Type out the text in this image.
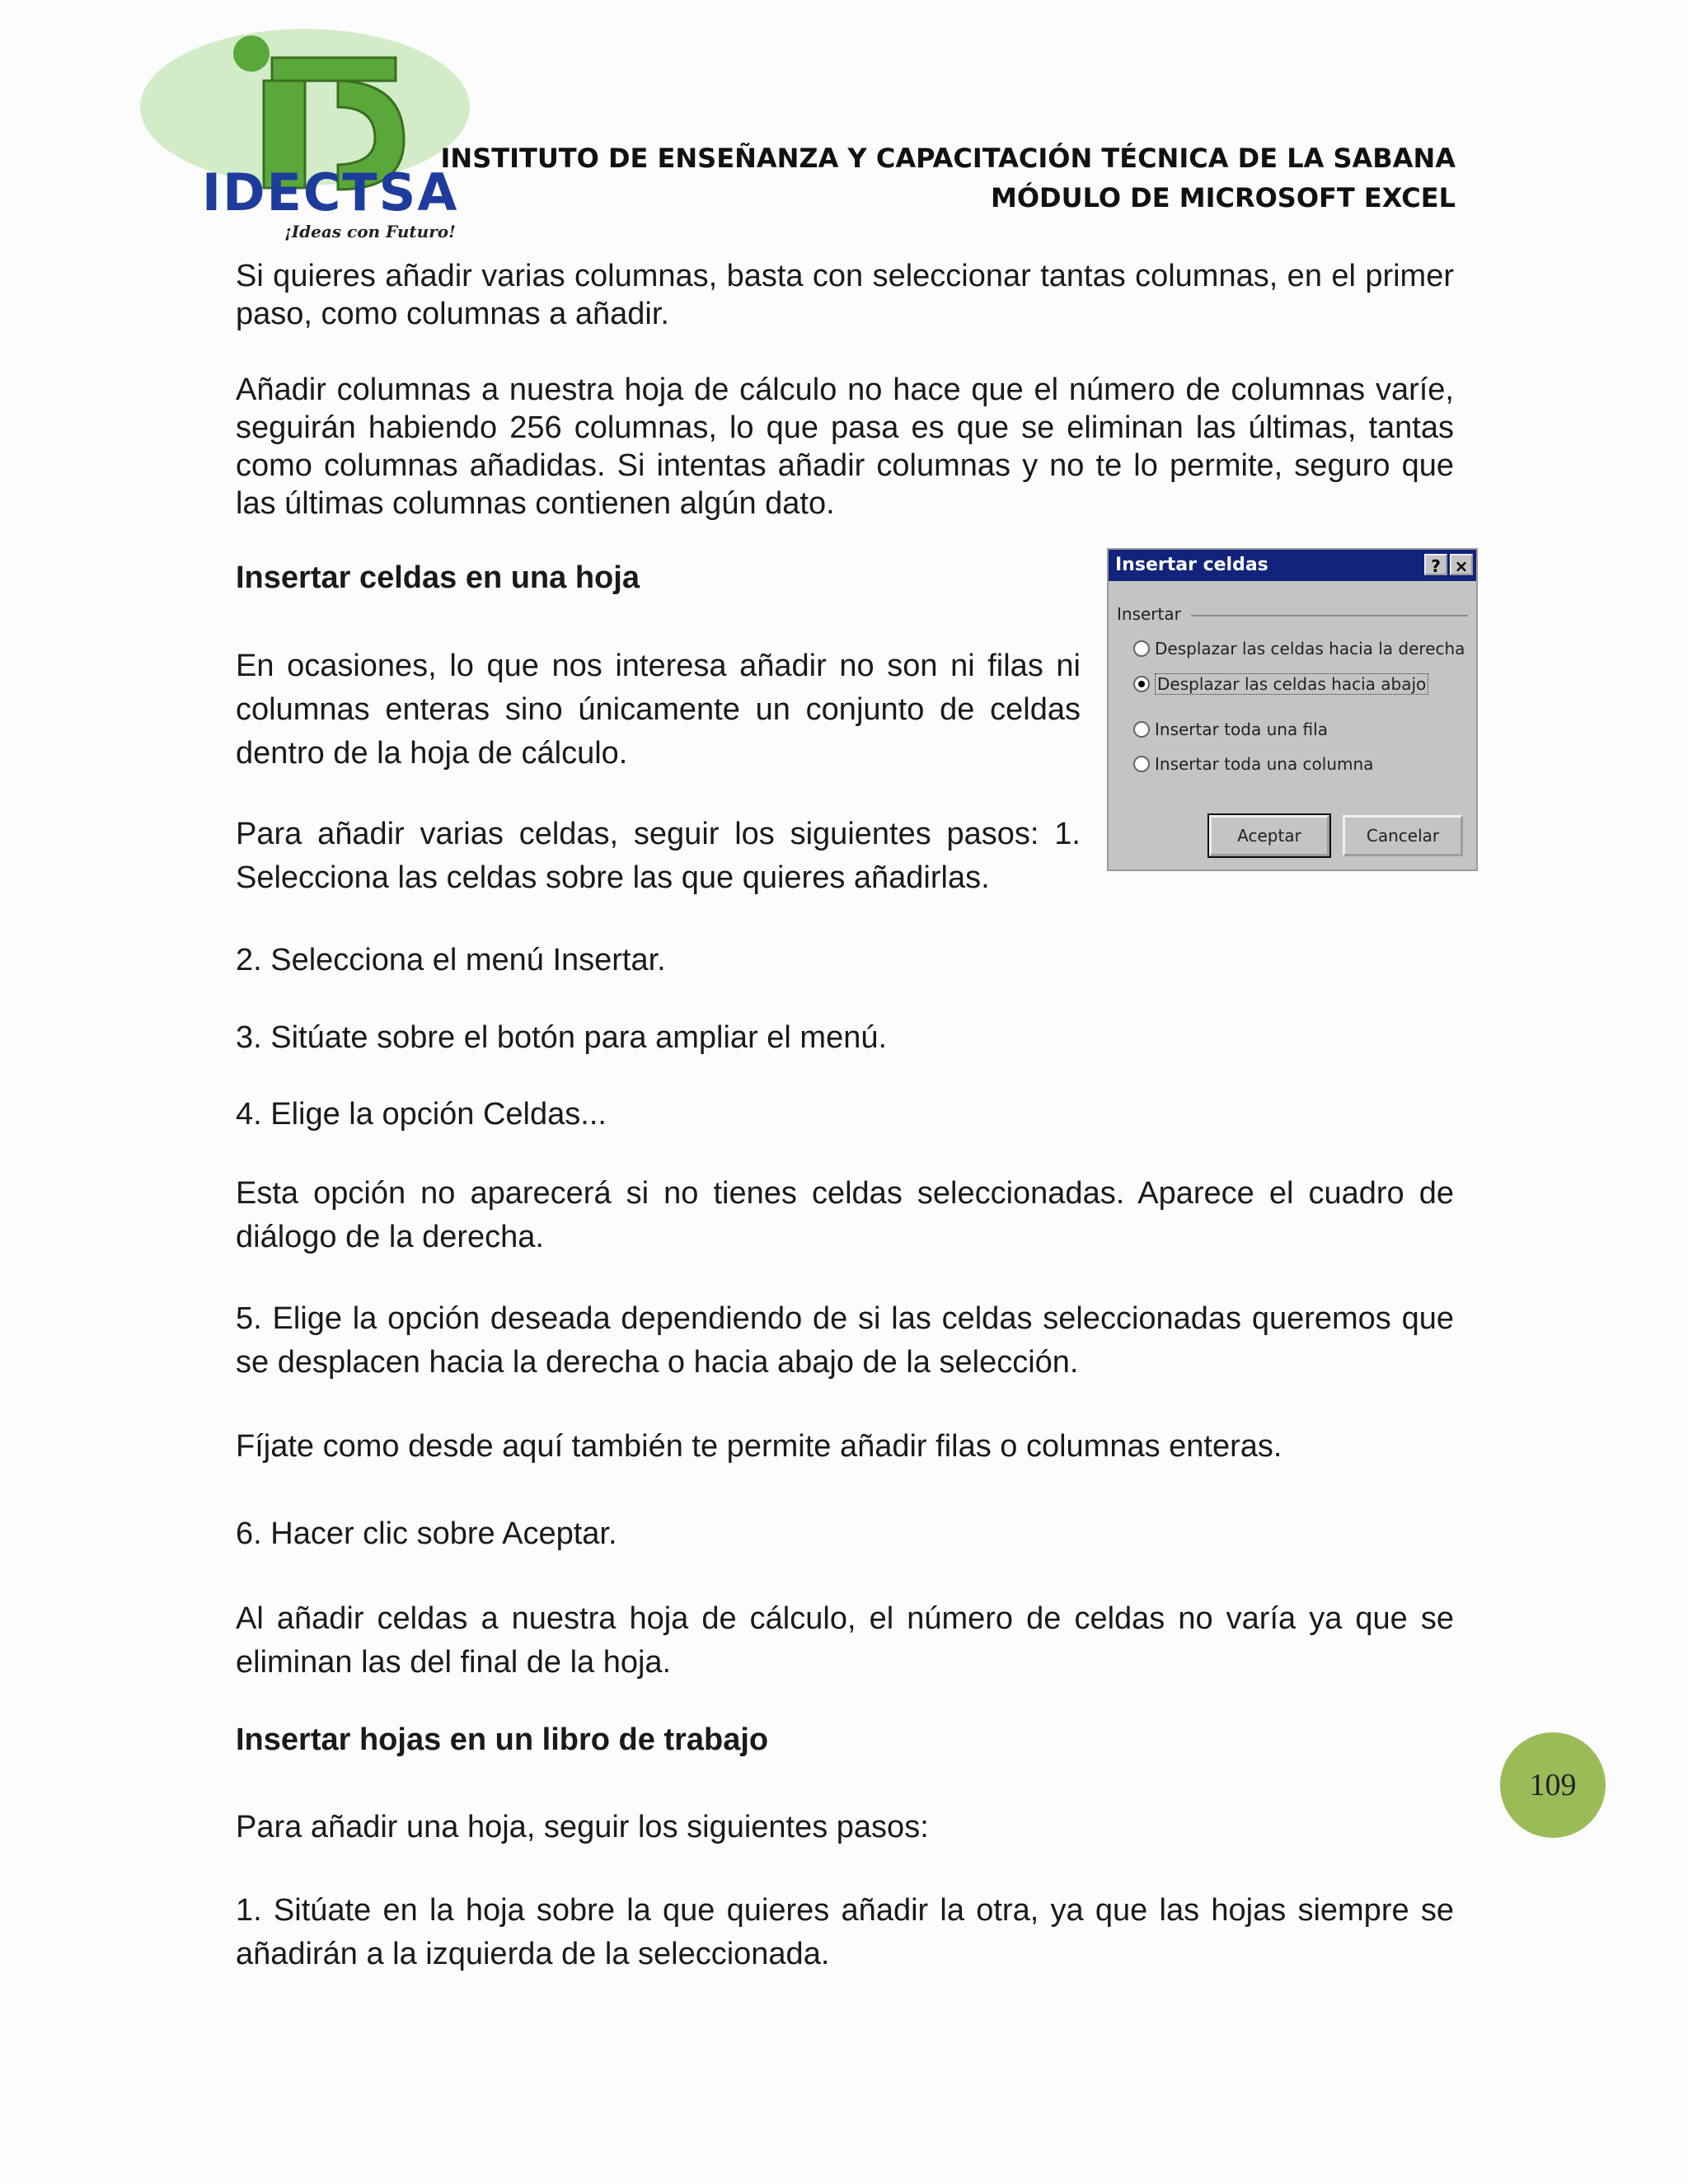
IDECTSA
¡Ideas con Futuro!
INSTITUTO DE ENSEÑANZA Y CAPACITACIÓN TÉCNICA DE LA SABANA
MÓDULO DE MICROSOFT EXCEL

Si quieres añadir varias columnas, basta con seleccionar tantas columnas, en el primer paso, como columnas a añadir.

Añadir columnas a nuestra hoja de cálculo no hace que el número de columnas varíe, seguirán habiendo 256 columnas, lo que pasa es que se eliminan las últimas, tantas como columnas añadidas. Si intentas añadir columnas y no te lo permite, seguro que las últimas columnas contienen algún dato.

Insertar celdas en una hoja

En ocasiones, lo que nos interesa añadir no son ni filas ni columnas enteras sino únicamente un conjunto de celdas dentro de la hoja de cálculo.

Para añadir varias celdas, seguir los siguientes pasos: 1. Selecciona las celdas sobre las que quieres añadirlas.

2. Selecciona el menú Insertar.

3. Sitúate sobre el botón para ampliar el menú.

4. Elige la opción Celdas...

Esta opción no aparecerá si no tienes celdas seleccionadas. Aparece el cuadro de diálogo de la derecha.

5. Elige la opción deseada dependiendo de si las celdas seleccionadas queremos que se desplacen hacia la derecha o hacia abajo de la selección.

Fíjate como desde aquí también te permite añadir filas o columnas enteras.

6. Hacer clic sobre Aceptar.

Al añadir celdas a nuestra hoja de cálculo, el número de celdas no varía ya que se eliminan las del final de la hoja.

Insertar hojas en un libro de trabajo

Para añadir una hoja, seguir los siguientes pasos:

1. Sitúate en la hoja sobre la que quieres añadir la otra, ya que las hojas siempre se añadirán a la izquierda de la seleccionada.

Insertar celdas	? ×
Insertar
Desplazar las celdas hacia la derecha
Desplazar las celdas hacia abajo
Insertar toda una fila
Insertar toda una columna
Aceptar	Cancelar
109
